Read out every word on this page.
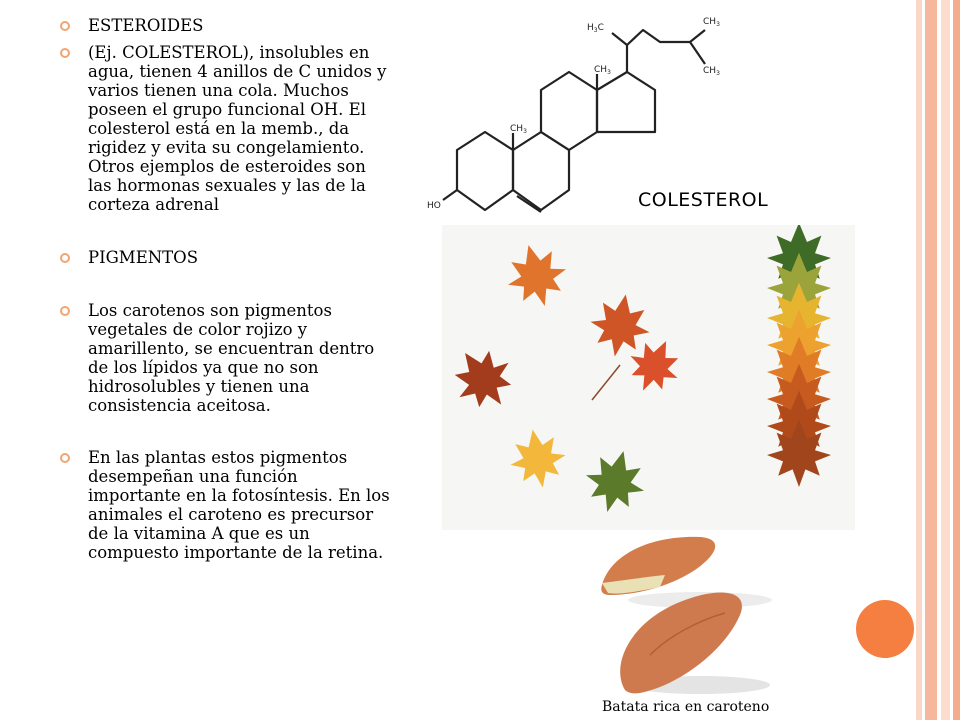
ESTEROIDES
(Ej. COLESTEROL), insolubles en agua, tienen 4 anillos de C unidos y varios tienen una cola. Muchos poseen el grupo funcional OH. El colesterol está en la memb., da rigidez y evita su congelamiento. Otros ejemplos de esteroides son las hormonas sexuales y las de la corteza adrenal
PIGMENTOS
Los carotenos son pigmentos vegetales de color rojizo y amarillento, se encuentran dentro de los lípidos ya que no son hidrosolubles y tienen una consistencia aceitosa.
En las plantas estos pigmentos desempeñan una función importante en la fotosíntesis. En los animales el caroteno es precursor de la vitamina A que es un compuesto importante de la retina.
$CH_3$
$CH_3$
$H_3C$
$CH_3$
$CH_3$
HO	COLESTEROL
Batata rica en caroteno
